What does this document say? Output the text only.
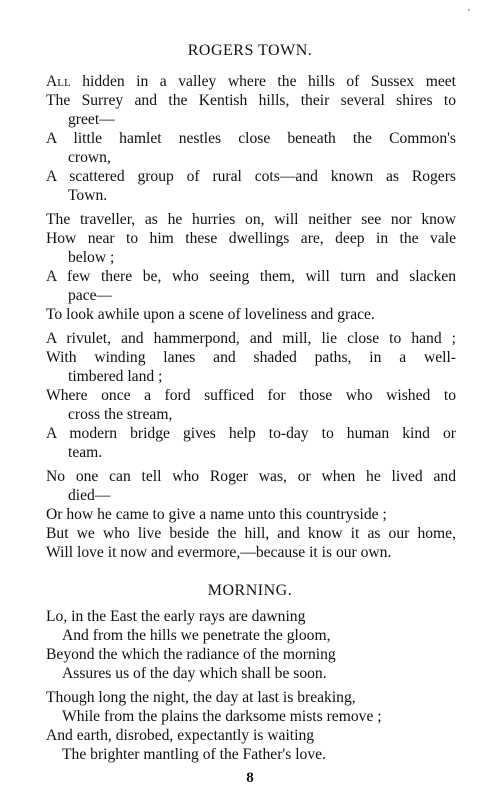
'
ROGERS TOWN.
All hidden in a valley where the hills of Sussex meet
The Surrey and the Kentish hills, their several shires to
greet—
A little hamlet nestles close beneath the Common's
crown,
A scattered group of rural cots—and known as Rogers
Town.
The traveller, as he hurries on, will neither see nor know
How near to him these dwellings are, deep in the vale
below ;
A few there be, who seeing them, will turn and slacken
pace—
To look awhile upon a scene of loveliness and grace.
A rivulet, and hammerpond, and mill, lie close to hand ;
With winding lanes and shaded paths, in a well-
timbered land ;
Where once a ford sufficed for those who wished to
cross the stream,
A modern bridge gives help to-day to human kind or
team.
No one can tell who Roger was, or when he lived and
died—
Or how he came to give a name unto this countryside ;
But we who live beside the hill, and know it as our home,
Will love it now and evermore,—because it is our own.
MORNING.
Lo, in the East the early rays are dawning
And from the hills we penetrate the gloom,
Beyond the which the radiance of the morning
Assures us of the day which shall be soon.
Though long the night, the day at last is breaking,
While from the plains the darksome mists remove ;
And earth, disrobed, expectantly is waiting
The brighter mantling of the Father's love.
8
